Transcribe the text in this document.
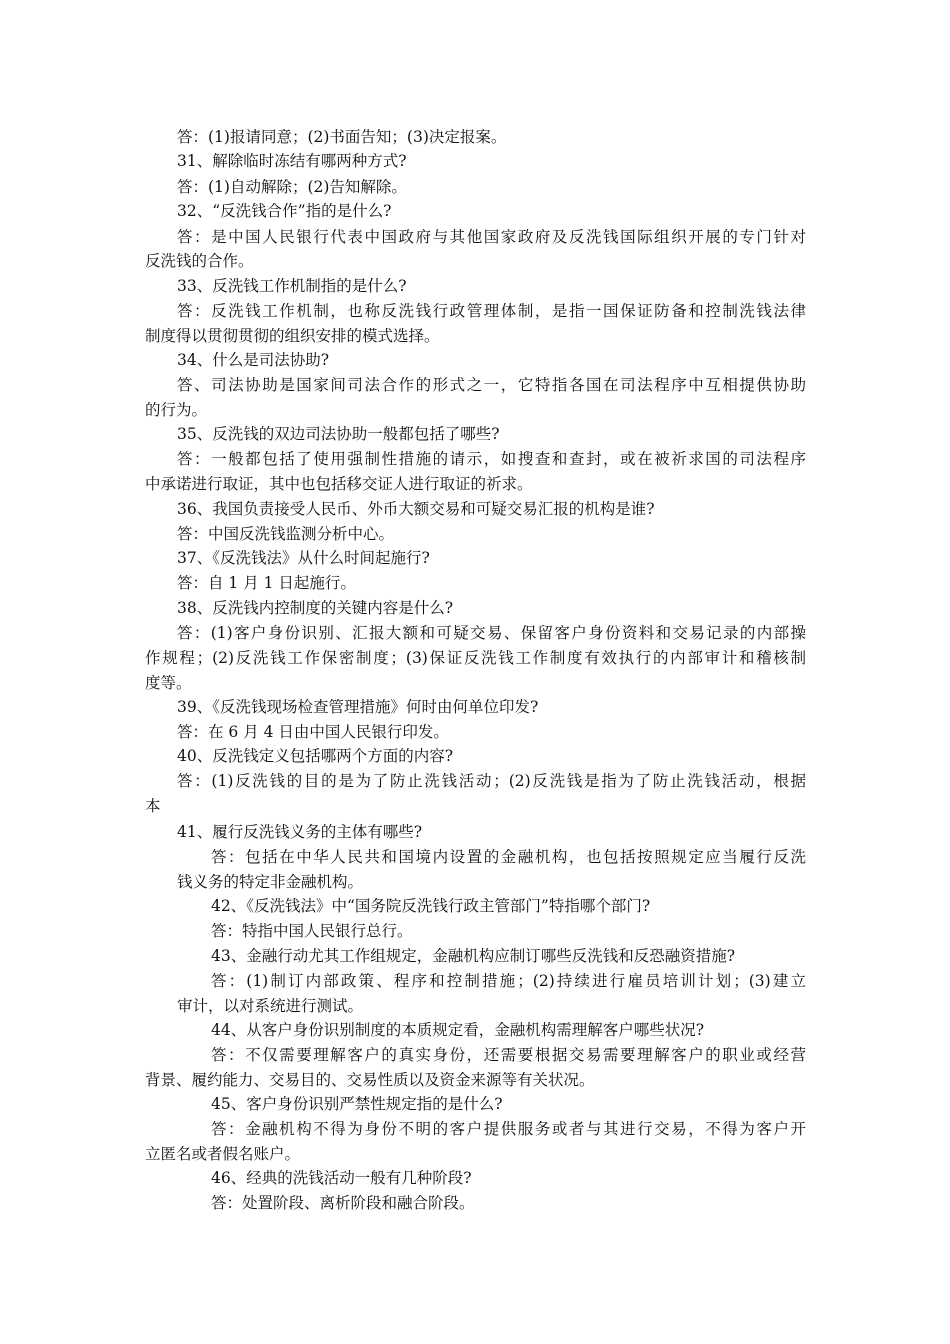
答：(1)报请同意；(2)书面告知；(3)决定报案。
31、解除临时冻结有哪两种方式?
答：(1)自动解除；(2)告知解除。
32、“反洗钱合作”指的是什么?
答：是中国人民银行代表中国政府与其他国家政府及反洗钱国际组织开展的专门针对
反洗钱的合作。
33、反洗钱工作机制指的是什么?
答：反洗钱工作机制，也称反洗钱行政管理体制，是指一国保证防备和控制洗钱法律
制度得以贯彻贯彻的组织安排的模式选择。
34、什么是司法协助?
答、司法协助是国家间司法合作的形式之一，它特指各国在司法程序中互相提供协助
的行为。
35、反洗钱的双边司法协助一般都包括了哪些?
答：一般都包括了使用强制性措施的请示，如搜查和查封，或在被祈求国的司法程序
中承诺进行取证，其中也包括移交证人进行取证的祈求。
36、我国负责接受人民币、外币大额交易和可疑交易汇报的机构是谁?
答：中国反洗钱监测分析中心。
37、《反洗钱法》从什么时间起施行?
答：自 1 月 1 日起施行。
38、反洗钱内控制度的关键内容是什么?
答：(1)客户身份识别、汇报大额和可疑交易、保留客户身份资料和交易记录的内部操
作规程；(2)反洗钱工作保密制度；(3)保证反洗钱工作制度有效执行的内部审计和稽核制
度等。
39、《反洗钱现场检查管理措施》何时由何单位印发?
答：在 6 月 4 日由中国人民银行印发。
40、反洗钱定义包括哪两个方面的内容?
答：(1)反洗钱的目的是为了防止洗钱活动；(2)反洗钱是指为了防止洗钱活动，根据
本
41、履行反洗钱义务的主体有哪些?
答：包括在中华人民共和国境内设置的金融机构，也包括按照规定应当履行反洗
钱义务的特定非金融机构。
42、《反洗钱法》中“国务院反洗钱行政主管部门”特指哪个部门?
答：特指中国人民银行总行。
43、金融行动尤其工作组规定，金融机构应制订哪些反洗钱和反恐融资措施?
答：(1)制订内部政策、程序和控制措施；(2)持续进行雇员培训计划；(3)建立
审计，以对系统进行测试。
44、从客户身份识别制度的本质规定看，金融机构需理解客户哪些状况?
答：不仅需要理解客户的真实身份，还需要根据交易需要理解客户的职业或经营
背景、履约能力、交易目的、交易性质以及资金来源等有关状况。
45、客户身份识别严禁性规定指的是什么?
答：金融机构不得为身份不明的客户提供服务或者与其进行交易，不得为客户开
立匿名或者假名账户。
46、经典的洗钱活动一般有几种阶段?
答：处置阶段、离析阶段和融合阶段。
